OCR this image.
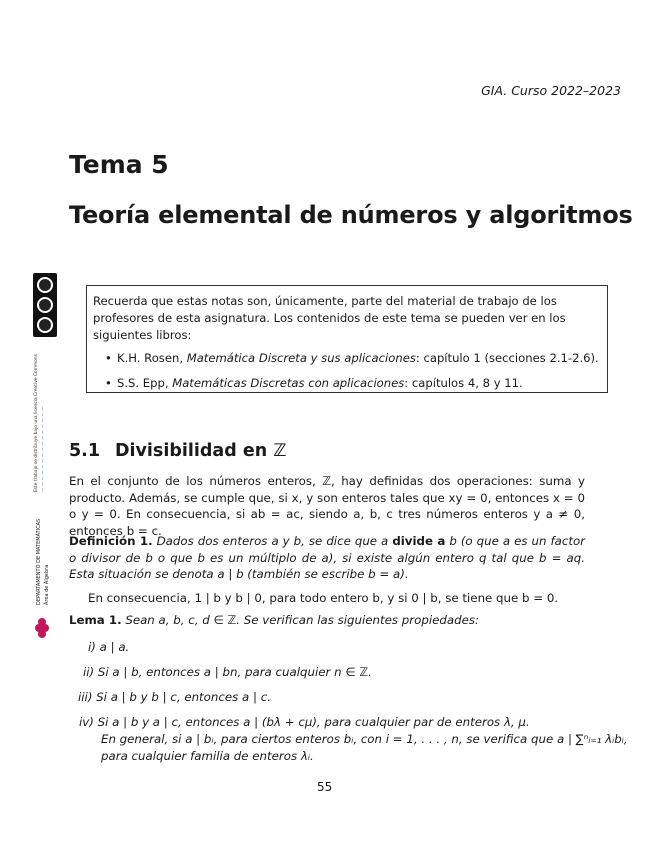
GIA. Curso 2022–2023
Tema 5
Teoría elemental de números y algoritmos
Recuerda que estas notas son, únicamente, parte del material de trabajo de los profesores de esta asignatura. Los contenidos de este tema se pueden ver en los siguientes libros:
• K.H. Rosen, Matemática Discreta y sus aplicaciones: capítulo 1 (secciones 2.1-2.6).
• S.S. Epp, Matemáticas Discretas con aplicaciones: capítulos 4, 8 y 11.
5.1 Divisibilidad en ℤ
En el conjunto de los números enteros, ℤ, hay definidas dos operaciones: suma y producto. Además, se cumple que, si x, y son enteros tales que xy = 0, entonces x = 0 o y = 0. En consecuencia, si ab = ac, siendo a, b, c tres números enteros y a ≠ 0, entonces b = c.
Definición 1. Dados dos enteros a y b, se dice que a divide a b (o que a es un factor o divisor de b o que b es un múltiplo de a), si existe algún entero q tal que b = aq. Esta situación se denota a | b (también se escribe b = a).
En consecuencia, 1 | b y b | 0, para todo entero b, y si 0 | b, se tiene que b = 0.
Lema 1. Sean a, b, c, d ∈ ℤ. Se verifican las siguientes propiedades:
i) a | a.
ii) Si a | b, entonces a | bn, para cualquier n ∈ ℤ.
iii) Si a | b y b | c, entonces a | c.
iv) Si a | b y a | c, entonces a | (bλ + cμ), para cualquier par de enteros λ, μ.
En general, si a | bᵢ, para ciertos enteros bᵢ, con i = 1, . . . , n, se verifica que a | ∑ⁿᵢ₌₁ λᵢbᵢ,
para cualquier familia de enteros λᵢ.
55
Este trabajo se distribuye bajo una licencia Creative Commons — — — — — — — — — — — — — — —
DEPARTAMENTO DE MATEMÁTICAS Área de Álgebra
